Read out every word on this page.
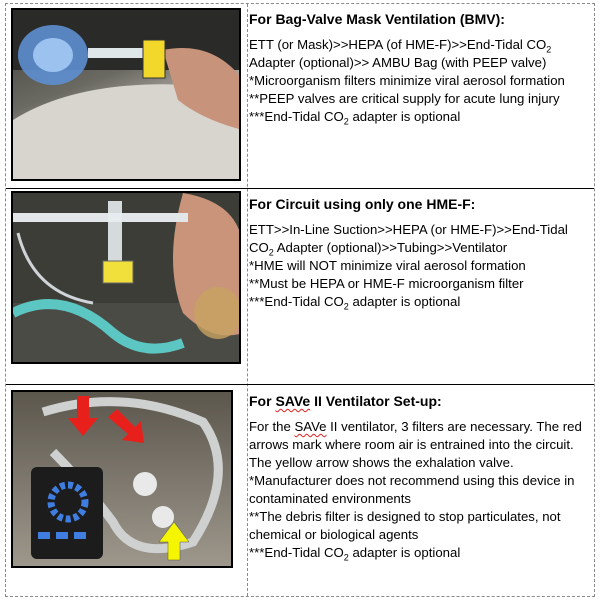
For Bag-Valve Mask Ventilation (BMV):

ETT (or Mask)>>HEPA (of HME-F)>>End-Tidal $CO_2$
Adapter (optional)>> AMBU Bag (with PEEP valve)
*Microorganism filters minimize viral aerosol formation
**PEEP valves are critical supply for acute lung injury
***End-Tidal $CO_2$ adapter is optional

For Circuit using only one HME-F:

ETT>>In-Line Suction>>HEPA (or HME-F)>>End-Tidal
$CO_2$ Adapter (optional)>>Tubing>>Ventilator
*HME will NOT minimize viral aerosol formation
**Must be HEPA or HME-F microorganism filter
***End-Tidal $CO_2$ adapter is optional

For SAVe II Ventilator Set-up:

For the SAVe II ventilator, 3 filters are necessary. The red arrows mark where room air is entrained into the circuit. The yellow arrow shows the exhalation valve.
*Manufacturer does not recommend using this device in contaminated environments
**The debris filter is designed to stop particulates, not chemical or biological agents
***End-Tidal $CO_2$ adapter is optional
